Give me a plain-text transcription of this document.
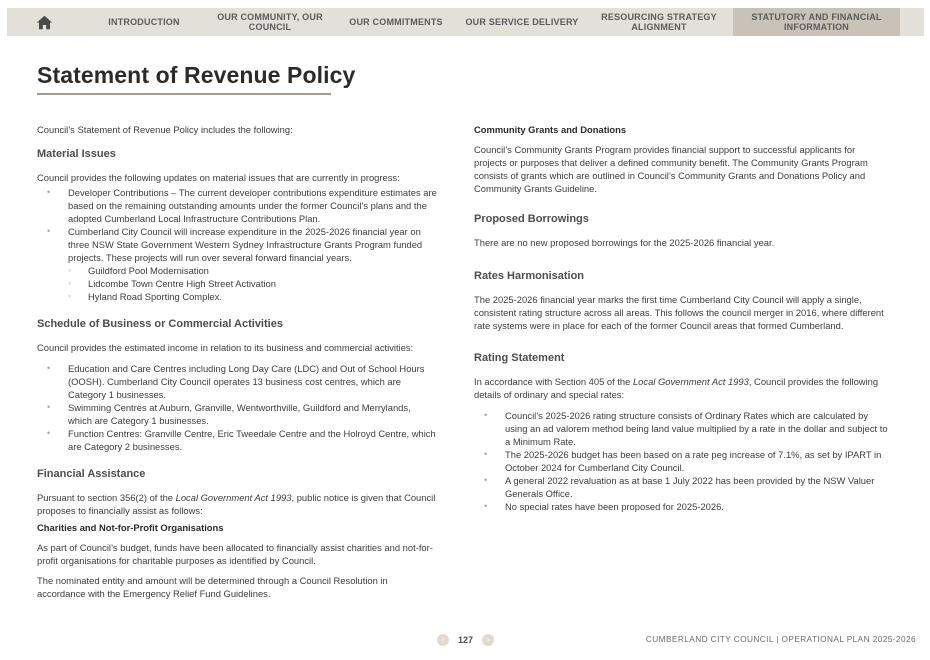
INTRODUCTION	OUR COMMUNITY, OUR COUNCIL	OUR COMMITMENTS	OUR SERVICE DELIVERY	RESOURCING STRATEGY ALIGNMENT
STATUTORY AND FINANCIAL INFORMATION
Statement of Revenue Policy
Council’s Statement of Revenue Policy includes the following:
Material Issues
Council provides the following updates on material issues that are currently in progress:
• Developer Contributions – The current developer contributions expenditure estimates are based on the remaining outstanding amounts under the former Council’s plans and the adopted Cumberland Local Infrastructure Contributions Plan.
• Cumberland City Council will increase expenditure in the 2025-2026 financial year on three NSW State Government Western Sydney Infrastructure Grants Program funded projects. These projects will run over several forward financial years.
◦ Guildford Pool Modernisation
◦ Lidcombe Town Centre High Street Activation
◦ Hyland Road Sporting Complex.
Schedule of Business or Commercial Activities
Council provides the estimated income in relation to its business and commercial activities:
• Education and Care Centres including Long Day Care (LDC) and Out of School Hours (OOSH). Cumberland City Council operates 13 business cost centres, which are Category 1 businesses.
• Swimming Centres at Auburn, Granville, Wentworthville, Guildford and Merrylands, which are Category 1 businesses.
• Function Centres: Granville Centre, Eric Tweedale Centre and the Holroyd Centre, which are Category 2 businesses.
Financial Assistance
Pursuant to section 356(2) of the Local Government Act 1993, public notice is given that Council proposes to financially assist as follows:
Charities and Not-for-Profit Organisations
As part of Council’s budget, funds have been allocated to financially assist charities and not-for-profit organisations for charitable purposes as identified by Council.
The nominated entity and amount will be determined through a Council Resolution in accordance with the Emergency Relief Fund Guidelines.
Community Grants and Donations
Council’s Community Grants Program provides financial support to successful applicants for projects or purposes that deliver a defined community benefit. The Community Grants Program consists of grants which are outlined in Council’s Community Grants and Donations Policy and Community Grants Guideline.
Proposed Borrowings
There are no new proposed borrowings for the 2025-2026 financial year.
Rates Harmonisation
The 2025-2026 financial year marks the first time Cumberland City Council will apply a single, consistent rating structure across all areas. This follows the council merger in 2016, where different rate systems were in place for each of the former Council areas that formed Cumberland.
Rating Statement
In accordance with Section 405 of the Local Government Act 1993, Council provides the following details of ordinary and special rates:
• Council’s 2025-2026 rating structure consists of Ordinary Rates which are calculated by using an ad valorem method being land value multiplied by a rate in the dollar and subject to a Minimum Rate.
• The 2025-2026 budget has been based on a rate peg increase of 7.1%, as set by IPART in October 2024 for Cumberland City Council.
• A general 2022 revaluation as at base 1 July 2022 has been provided by the NSW Valuer Generals Office.
• No special rates have been proposed for 2025-2026.
‹	127	›	CUMBERLAND CITY COUNCIL | OPERATIONAL PLAN 2025-2026
